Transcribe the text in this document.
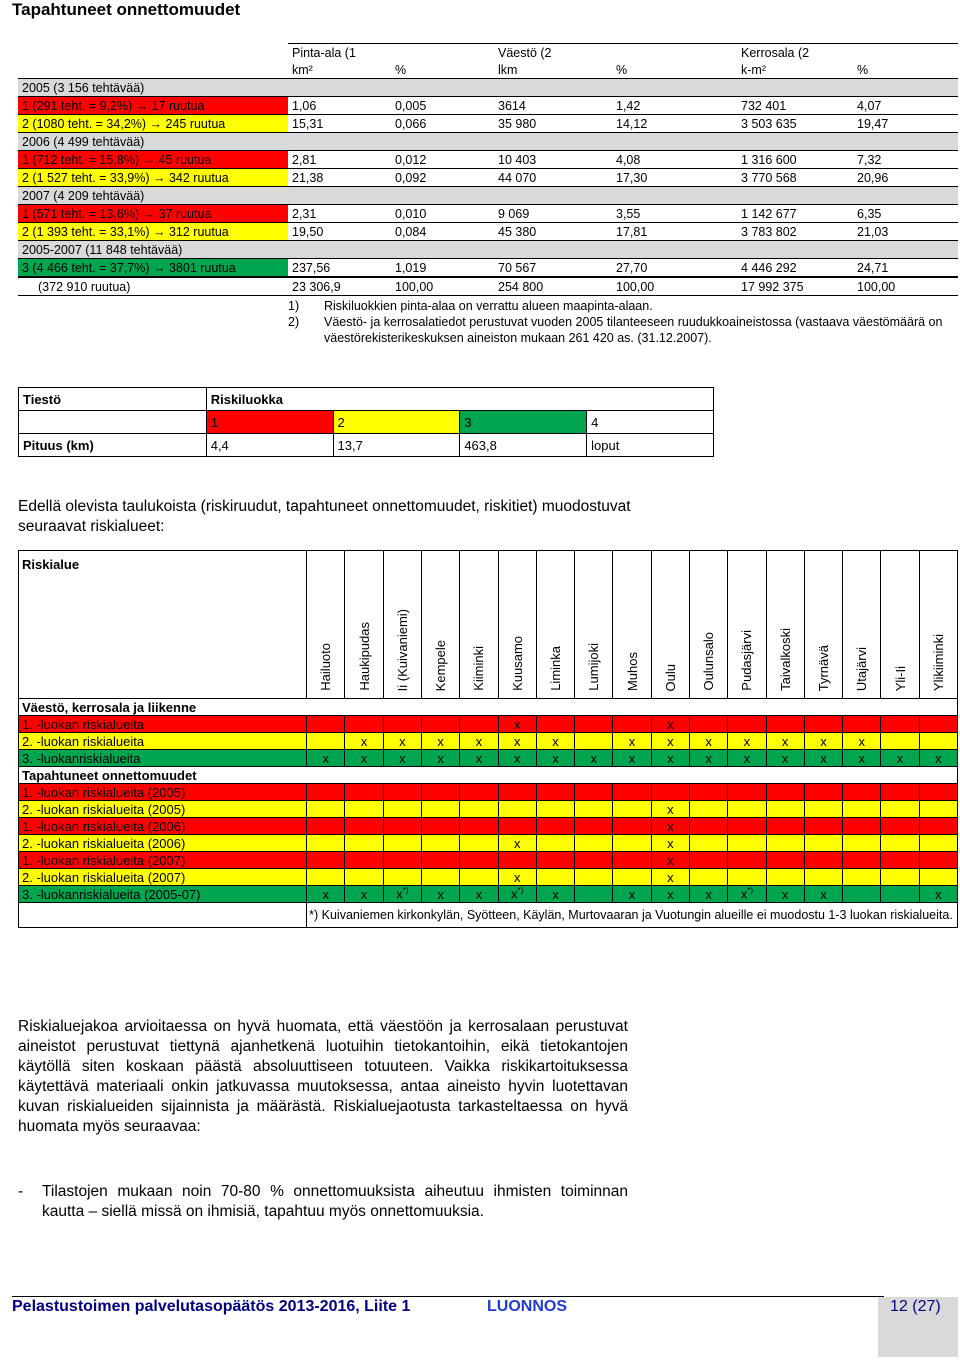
Tapahtuneet onnettomuudet
	Pinta-ala (1		Väestö (2		Kerrosala (2	
	km²	%	lkm	%	k-m²	%
2005 (3 156 tehtävää)						
1 (291 teht. = 9,2%) → 17 ruutua	1,06	0,005	3614	1,42	732 401	4,07
2 (1080 teht. = 34,2%) → 245 ruutua	15,31	0,066	35 980	14,12	3 503 635	19,47
2006 (4 499 tehtävää)						
1 (712 teht. = 15,8%) → 45 ruutua	2,81	0,012	10 403	4,08	1 316 600	7,32
2 (1 527 teht. = 33,9%) → 342 ruutua	21,38	0,092	44 070	17,30	3 770 568	20,96
2007 (4 209 tehtävää)						
1 (571 teht. = 13,6%) → 37 ruutua	2,31	0,010	9 069	3,55	1 142 677	6,35
2 (1 393 teht. = 33,1%) → 312 ruutua	19,50	0,084	45 380	17,81	3 783 802	21,03
2005-2007 (11 848 tehtävää)						
3 (4 466 teht. = 37,7%) → 3801 ruutua	237,56	1,019	70 567	27,70	4 446 292	24,71
(372 910 ruutua)	23 306,9	100,00	254 800	100,00	17 992 375	100,00
1)	Riskiluokkien pinta-alaa on verrattu alueen maapinta-alaan.
2)	Väestö- ja kerrosalatiedot perustuvat vuoden 2005 tilanteeseen ruudukkoaineistossa (vastaava väestömäärä on väestörekisterikeskuksen aineiston mukaan 261 420 as. (31.12.2007).
Tiestö	Riskiluokka			
	1	2	3	4
Pituus (km)	4,4	13,7	463,8	loput
Edellä olevista taulukoista (riskiruudut, tapahtuneet onnettomuudet, riskitiet) muodostuvat seuraavat riskialueet:
Riskialue	Hailuoto	Haukipudas	Ii (Kuivaniemi)	Kempele	Kiiminki	Kuusamo	Liminka	Lumijoki	Muhos	Oulu	Oulunsalo	Pudasjärvi	Taivalkoski	Tyrnävä	Utajärvi	Yli-Ii	Ylikiiminki
Väestö, kerrosala ja liikenne																	
1. -luokan riskialueita						x				x							
2. -luokan riskialueita		x	x	x	x	x	x		x	x	x	x	x	x	x		
3. -luokanriskialueita	x	x	x	x	x	x	x	x	x	x	x	x	x	x	x	x	x
Tapahtuneet onnettomuudet																	
1. -luokan riskialueita (2005)																	
2. -luokan riskialueita (2005)										x							
1. -luokan riskialueita (2006)										x							
2. -luokan riskialueita (2006)						x				x							
1. -luokan riskialueita (2007)										x							
2. -luokan riskialueita (2007)						x				x							
3. -luokanriskialueita (2005-07)	x	x	x*)	x	x	x*)	x		x	x	x	x*)	x	x			x
	*) Kuivaniemen kirkonkylän, Syötteen, Käylän, Murtovaaran ja Vuotungin alueille ei muodostu 1-3 luokan riskialueita.																
Riskialuejakoa arvioitaessa on hyvä huomata, että väestöön ja kerrosalaan perustuvat aineistot perustuvat tiettynä ajanhetkenä luotuihin tietokantoihin, eikä tietokantojen käytöllä siten koskaan päästä absoluuttiseen totuuteen. Vaikka riskikartoituksessa käytettävä materiaali onkin jatkuvassa muutoksessa, antaa aineisto hyvin luotettavan kuvan riskialueiden sijainnista ja määrästä. Riskialuejaotusta tarkasteltaessa on hyvä huomata myös seuraavaa:
-	Tilastojen mukaan noin 70-80 % onnettomuuksista aiheutuu ihmisten toiminnan kautta – siellä missä on ihmisiä, tapahtuu myös onnettomuuksia.
Pelastustoimen palvelutasopäätös 2013-2016, Liite 1	LUONNOS	12 (27)
